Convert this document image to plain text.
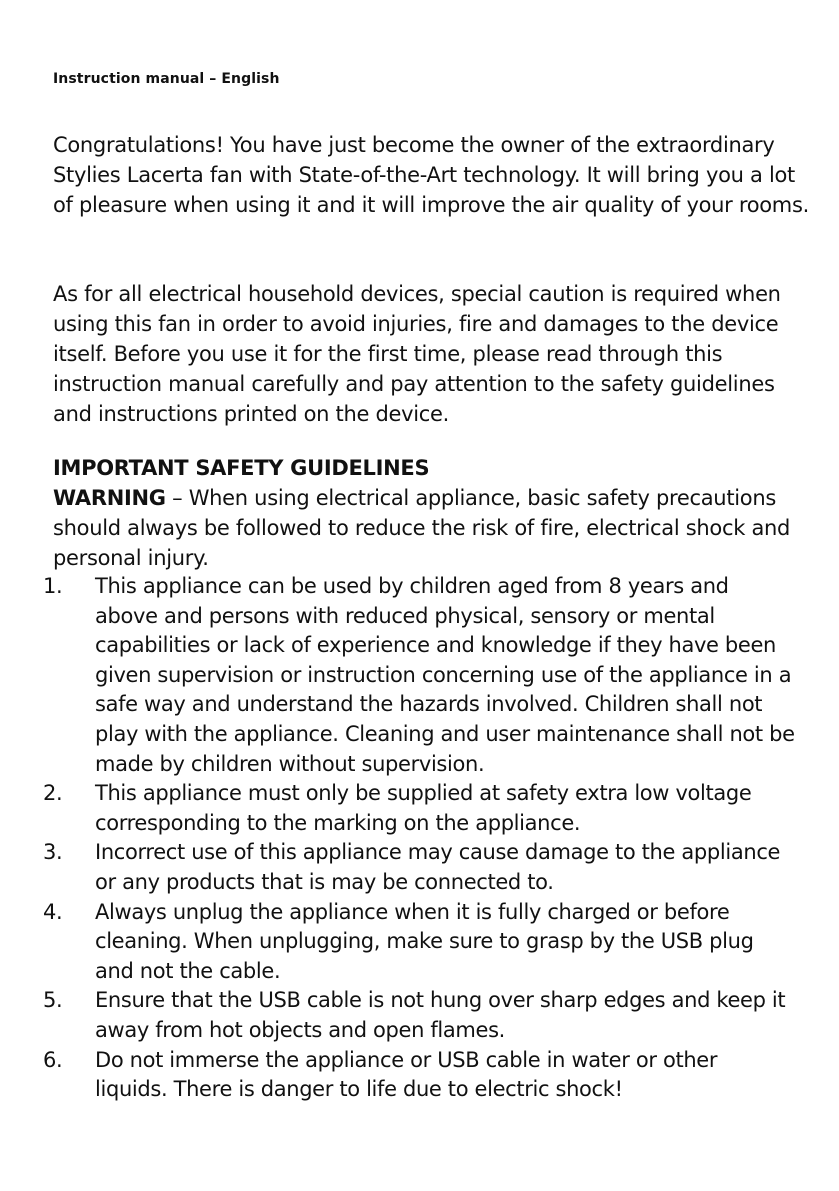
Instruction manual – English
Congratulations! You have just become the owner of the extraordinary Stylies Lacerta fan with State-of-the-Art technology. It will bring you a lot of pleasure when using it and it will improve the air quality of your rooms.
As for all electrical household devices, special caution is required when using this fan in order to avoid injuries, fire and damages to the device itself. Before you use it for the first time, please read through this instruction manual carefully and pay attention to the safety guidelines and instructions printed on the device.
IMPORTANT SAFETY GUIDELINES
WARNING – When using electrical appliance, basic safety precautions should always be followed to reduce the risk of fire, electrical shock and personal injury.
1. This appliance can be used by children aged from 8 years and above and persons with reduced physical, sensory or mental capabilities or lack of experience and knowledge if they have been given supervision or instruction concerning use of the appliance in a safe way and understand the hazards involved. Children shall not play with the appliance. Cleaning and user maintenance shall not be made by children without supervision.
2. This appliance must only be supplied at safety extra low voltage corresponding to the marking on the appliance.
3. Incorrect use of this appliance may cause damage to the appliance or any products that is may be connected to.
4. Always unplug the appliance when it is fully charged or before cleaning. When unplugging, make sure to grasp by the USB plug and not the cable.
5. Ensure that the USB cable is not hung over sharp edges and keep it away from hot objects and open flames.
6. Do not immerse the appliance or USB cable in water or other liquids. There is danger to life due to electric shock!
